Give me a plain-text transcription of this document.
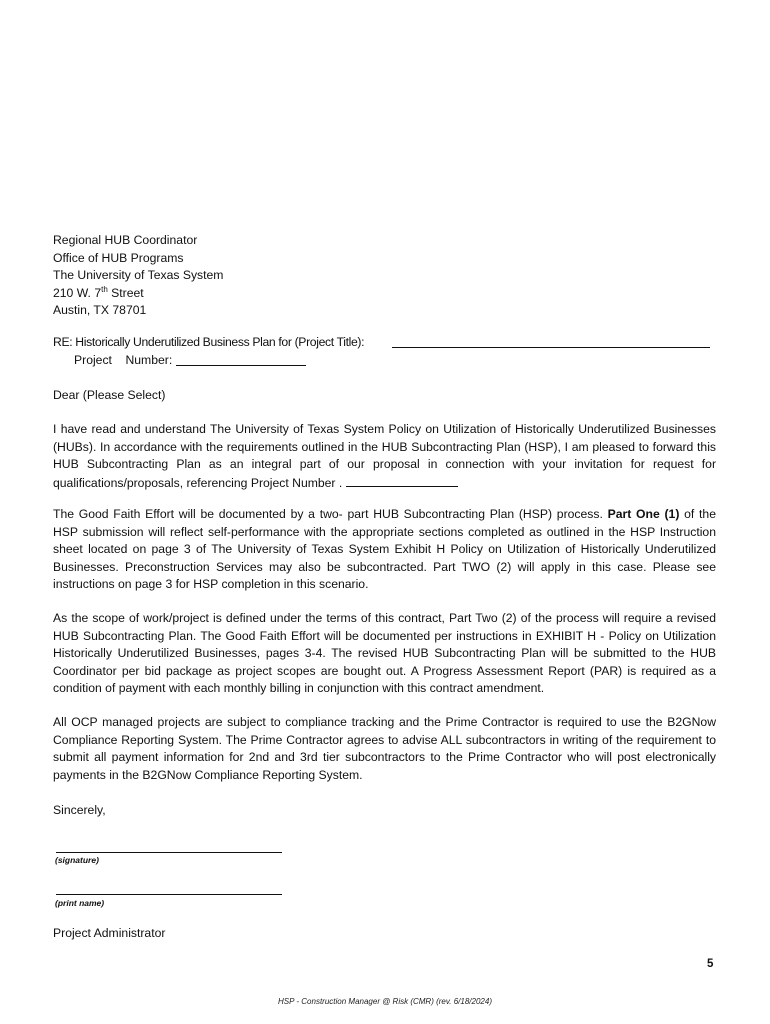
Regional HUB Coordinator
Office of HUB Programs
The University of Texas System
210 W. 7th Street
Austin, TX 78701
RE: Historically Underutilized Business Plan for (Project Title):
Project    Number:
Dear (Please Select)
I have read and understand The University of Texas System Policy on Utilization of Historically Underutilized Businesses (HUBs). In accordance with the requirements outlined in the HUB Subcontracting Plan (HSP), I am pleased to forward this HUB Subcontracting Plan as an integral part of our proposal in connection with your invitation for request for qualifications/proposals, referencing Project Number .
The Good Faith Effort will be documented by a two- part HUB Subcontracting Plan (HSP) process. Part One (1) of the HSP submission will reflect self-performance with the appropriate sections completed as outlined in the HSP Instruction sheet located on page 3 of The University of Texas System Exhibit H Policy on Utilization of Historically Underutilized Businesses. Preconstruction Services may also be subcontracted. Part TWO (2) will apply in this case. Please see instructions on page 3 for HSP completion in this scenario.
As the scope of work/project is defined under the terms of this contract, Part Two (2) of the process will require a revised HUB Subcontracting Plan. The Good Faith Effort will be documented per instructions in EXHIBIT H - Policy on Utilization Historically Underutilized Businesses, pages 3-4. The revised HUB Subcontracting Plan will be submitted to the HUB Coordinator per bid package as project scopes are bought out. A Progress Assessment Report (PAR) is required as a condition of payment with each monthly billing in conjunction with this contract amendment.
All OCP managed projects are subject to compliance tracking and the Prime Contractor is required to use the B2GNow Compliance Reporting System. The Prime Contractor agrees to advise ALL subcontractors in writing of the requirement to submit all payment information for 2nd and 3rd tier subcontractors to the Prime Contractor who will post electronically payments in the B2GNow Compliance Reporting System.
Sincerely,
(signature)
(print name)
Project Administrator
5
HSP - Construction Manager @ Risk (CMR) (rev. 6/18/2024)
